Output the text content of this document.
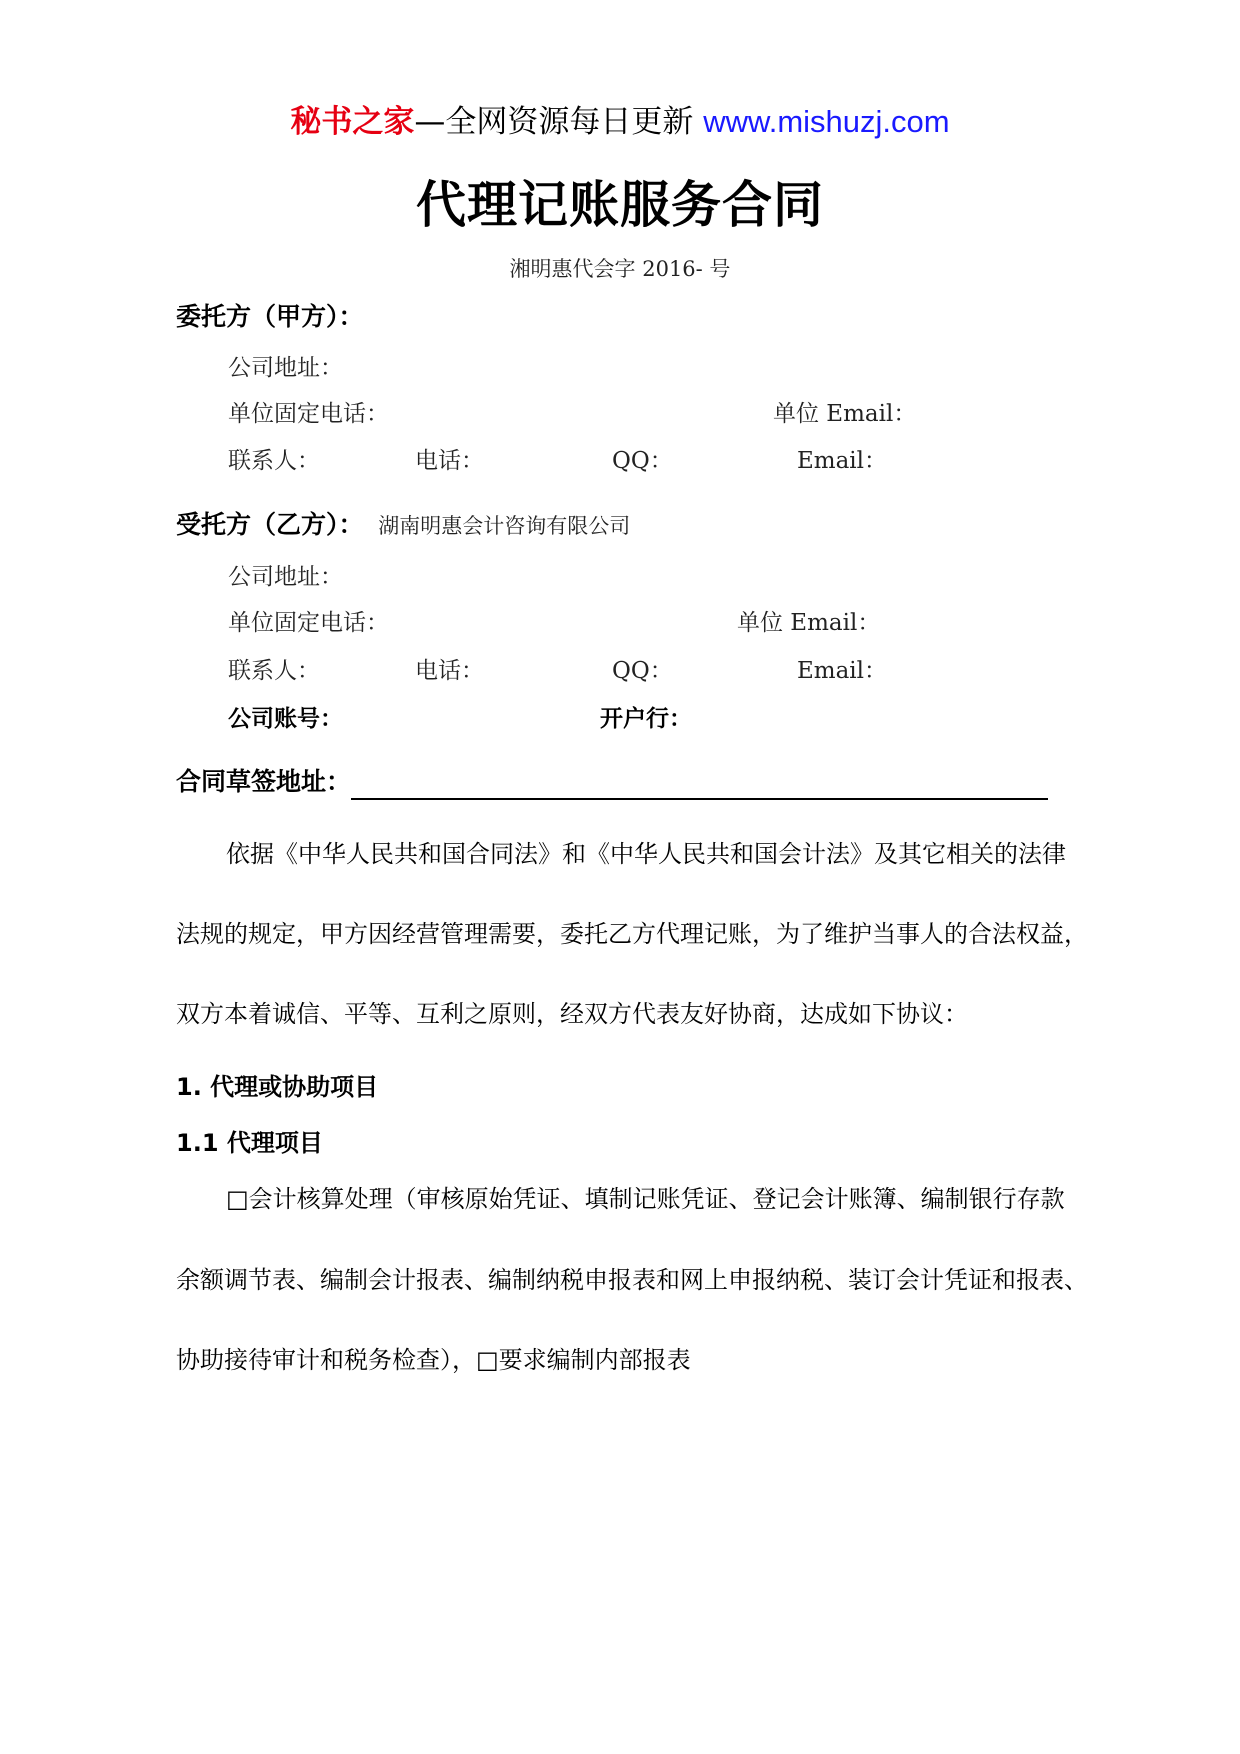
秘书之家—全网资源每日更新 www.mishuzj.com
代理记账服务合同
湘明惠代会字 2016- 号
委托方（甲方）：
公司地址：
单位固定电话：	单位 Email：
联系人：	电话：	QQ：	Email：
受托方（乙方）： 湖南明惠会计咨询有限公司
公司地址：
单位固定电话：	单位 Email：
联系人：	电话：	QQ：	Email：
公司账号：	开户行：
合同草签地址：
依据《中华人民共和国合同法》和《中华人民共和国会计法》及其它相关的法律
法规的规定，甲方因经营管理需要，委托乙方代理记账，为了维护当事人的合法权益，
双方本着诚信、平等、互利之原则，经双方代表友好协商，达成如下协议：
1. 代理或协助项目
1.1 代理项目
□会计核算处理（审核原始凭证、填制记账凭证、登记会计账簿、编制银行存款
余额调节表、编制会计报表、编制纳税申报表和网上申报纳税、装订会计凭证和报表、
协助接待审计和税务检查），□要求编制内部报表
